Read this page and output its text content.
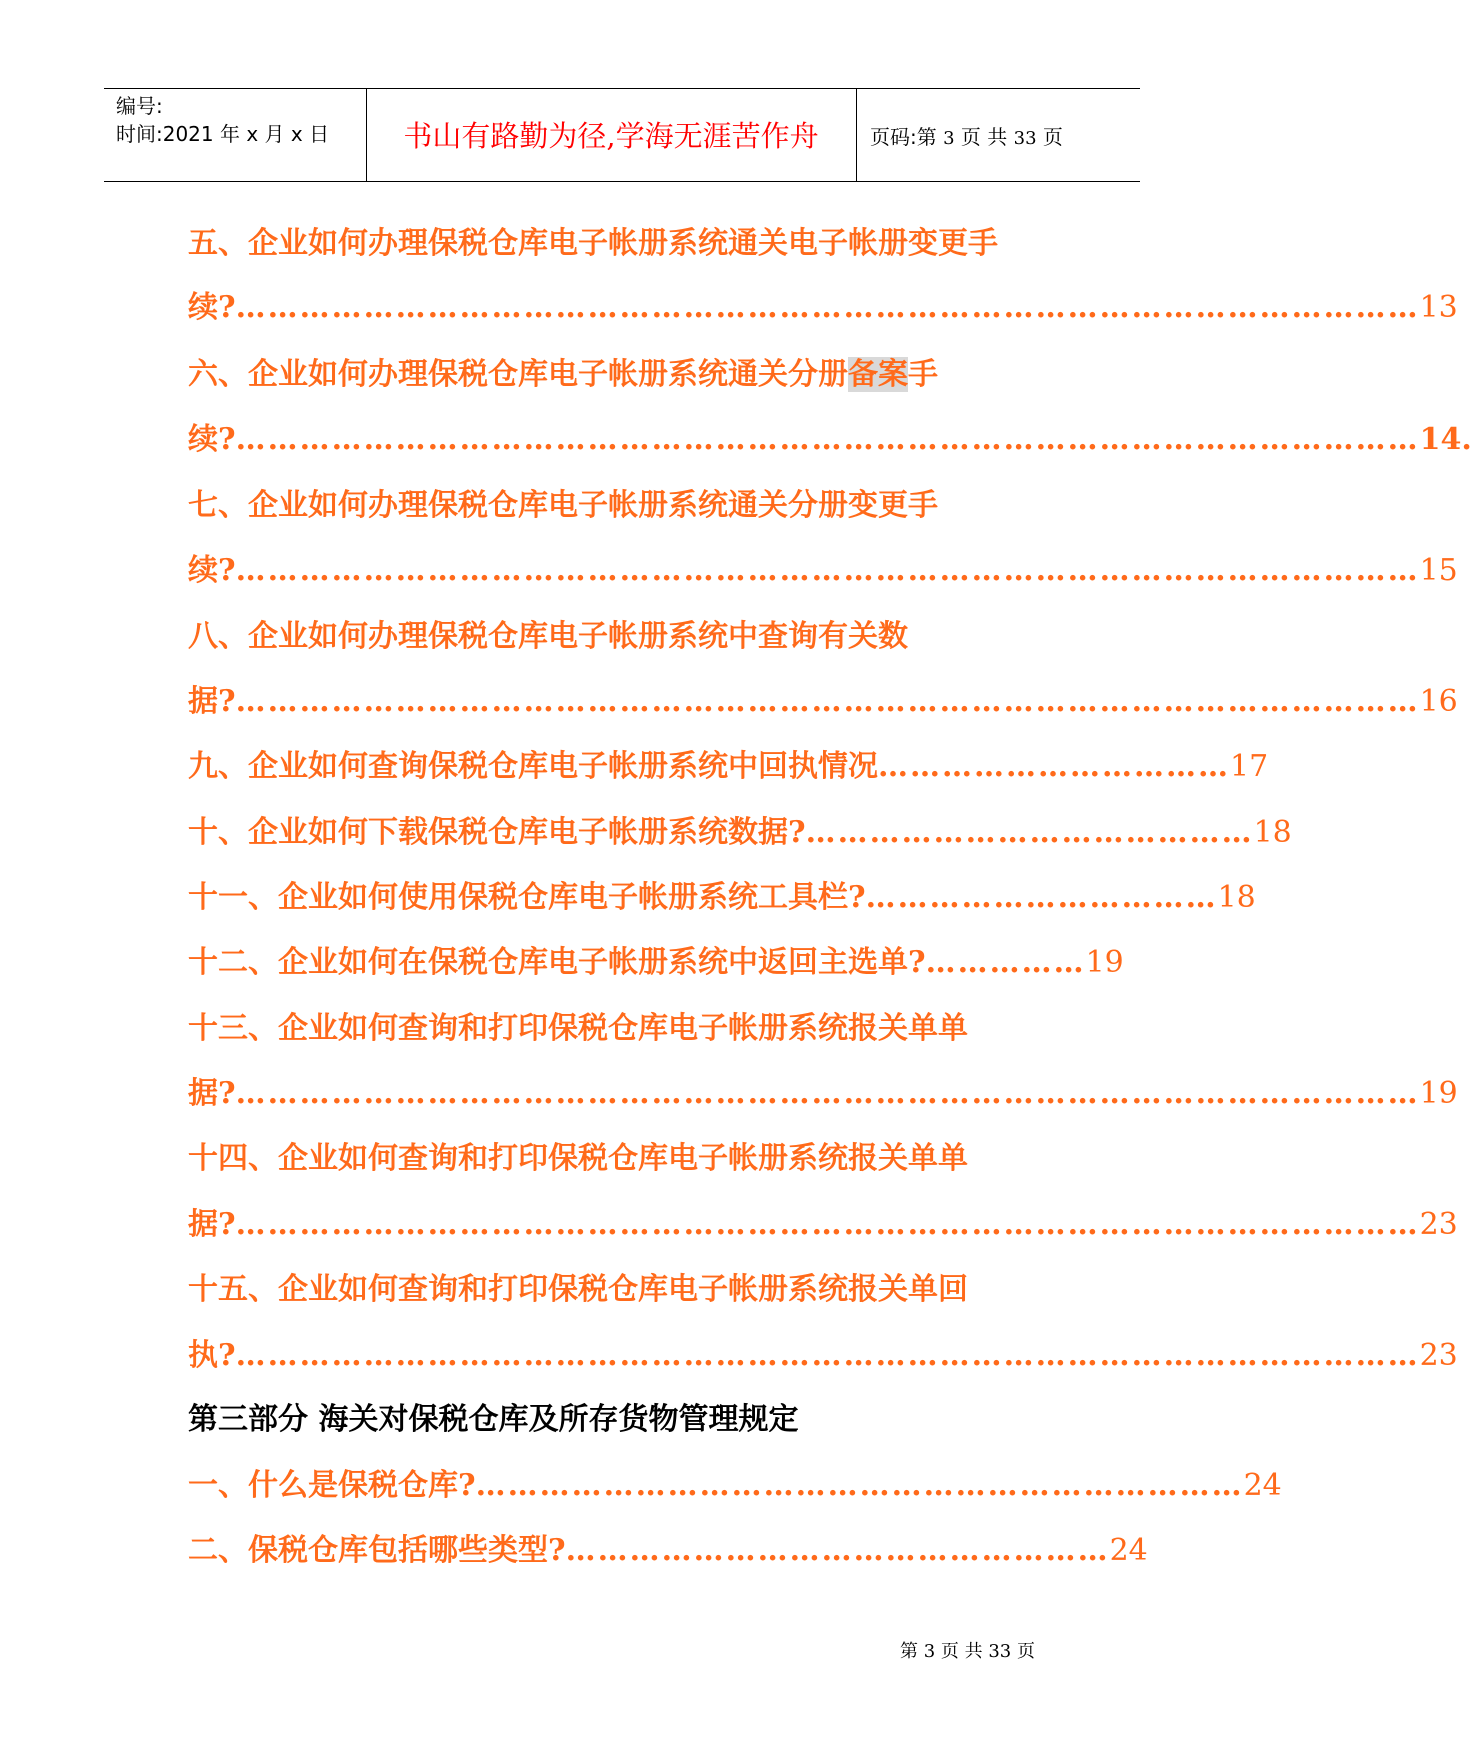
编号:
时间:2021 年 x 月 x 日	书山有路勤为径,学海无涯苦作舟	页码:第 3 页 共 33 页
五、企业如何办理保税仓库电子帐册系统通关电子帐册变更手
续? ………………………………………………………………………………………………… 13
六、企业如何办理保税仓库电子帐册系统通关分册备案手
续? ………………………………………………………………………………………………… 14.
七、企业如何办理保税仓库电子帐册系统通关分册变更手
续? ………………………………………………………………………………………………… 15
八、企业如何办理保税仓库电子帐册系统中查询有关数
据? ………………………………………………………………………………………………… 16
九、企业如何查询保税仓库电子帐册系统中回执情况 …………………………… 17
十、企业如何下载保税仓库电子帐册系统数据? …………………………………… 18
十一、企业如何使用保税仓库电子帐册系统工具栏? …………………………… 18
十二、企业如何在保税仓库电子帐册系统中返回主选单? …………… 19
十三、企业如何查询和打印保税仓库电子帐册系统报关单单
据? ………………………………………………………………………………………………… 19
十四、企业如何查询和打印保税仓库电子帐册系统报关单单
据? ………………………………………………………………………………………………… 23
十五、企业如何查询和打印保税仓库电子帐册系统报关单回
执? ………………………………………………………………………………………………… 23
第三部分 海关对保税仓库及所存货物管理规定
一、什么是保税仓库? ……………………………………………………………… 24
二、保税仓库包括哪些类型? …………………………………………… 24
第 3 页 共 33 页
